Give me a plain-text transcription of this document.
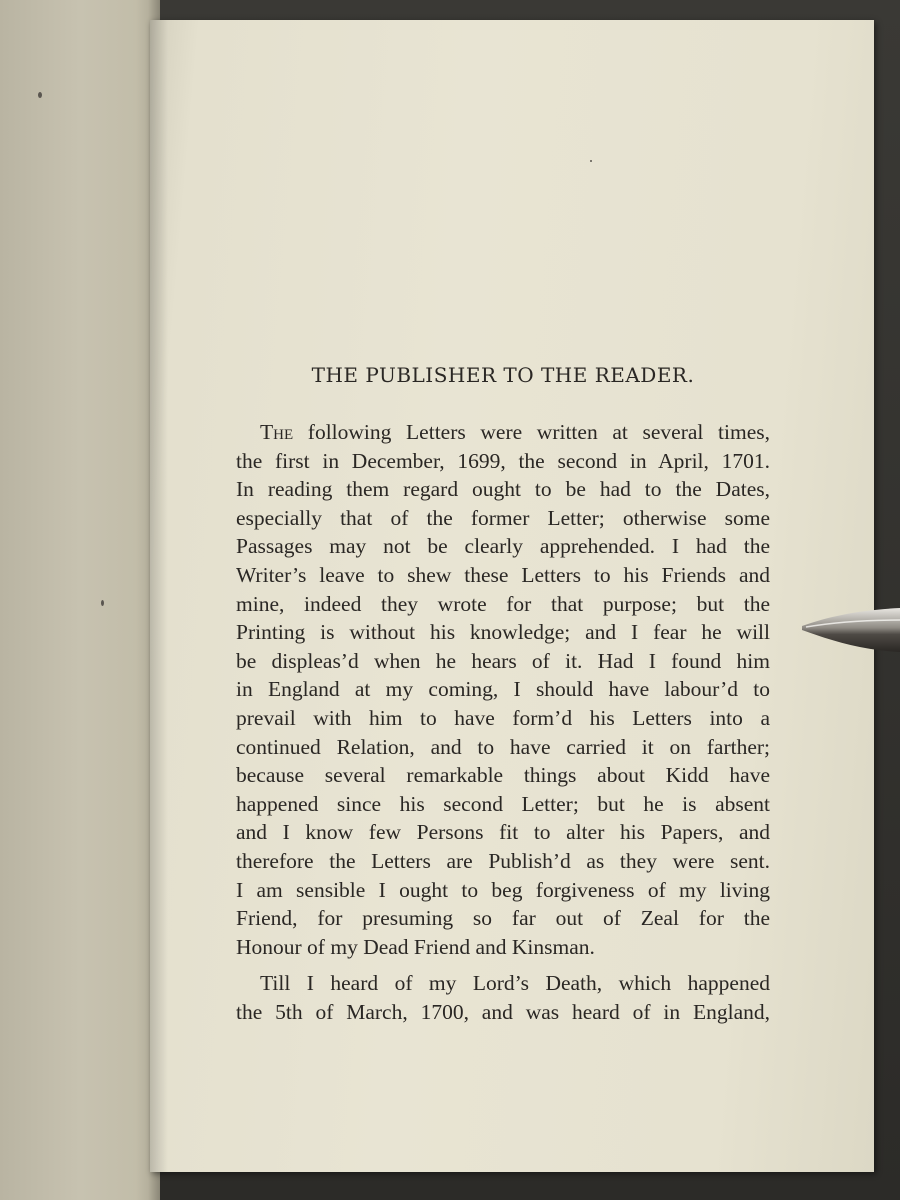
THE PUBLISHER TO THE READER.
The following Letters were written at several times,
the first in December, 1699, the second in April, 1701.
In reading them regard ought to be had to the Dates,
especially that of the former Letter; otherwise some
Passages may not be clearly apprehended. I had the
Writer’s leave to shew these Letters to his Friends and
mine, indeed they wrote for that purpose; but the
Printing is without his knowledge; and I fear he will
be displeas’d when he hears of it. Had I found him
in England at my coming, I should have labour’d to
prevail with him to have form’d his Letters into a
continued Relation, and to have carried it on farther;
because several remarkable things about Kidd have
happened since his second Letter; but he is absent
and I know few Persons fit to alter his Papers, and
therefore the Letters are Publish’d as they were sent.
I am sensible I ought to beg forgiveness of my living
Friend, for presuming so far out of Zeal for the
Honour of my Dead Friend and Kinsman.
Till I heard of my Lord’s Death, which happened
the 5th of March, 1700, and was heard of in England,
